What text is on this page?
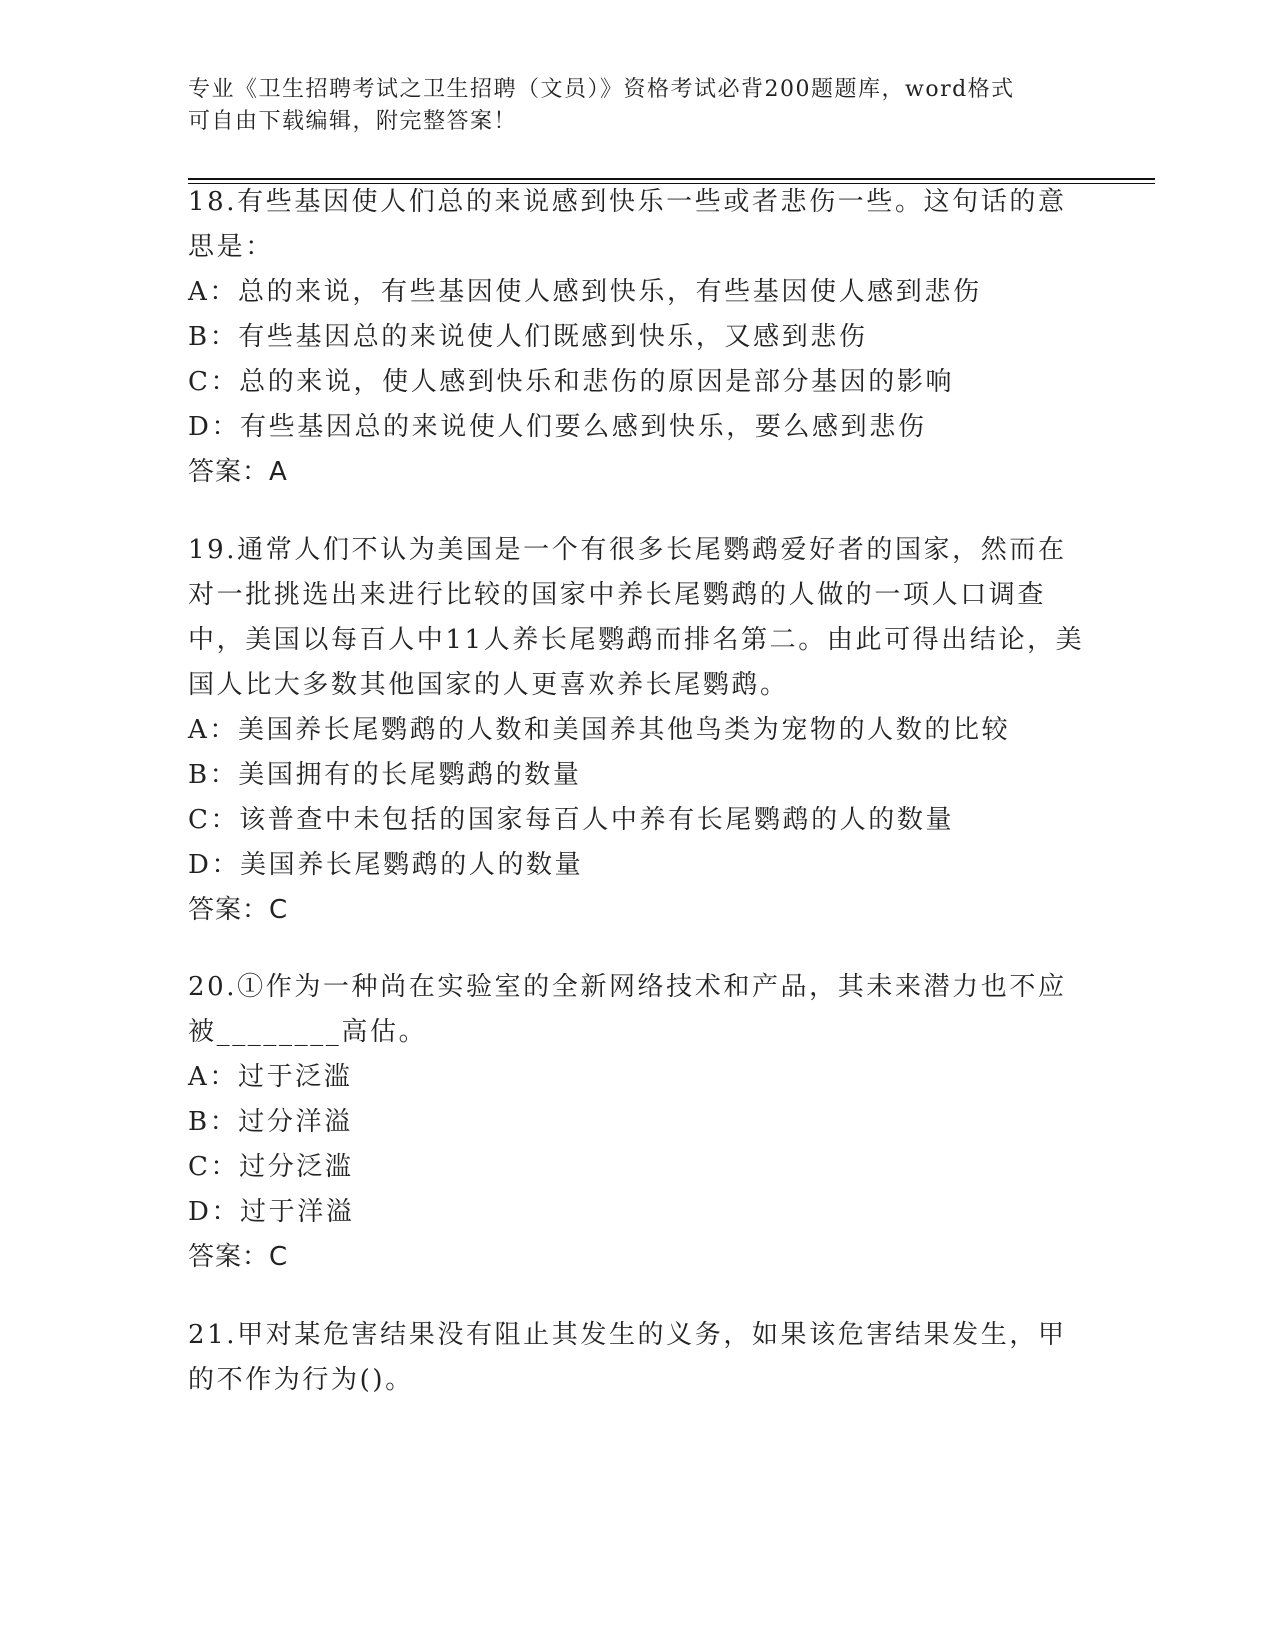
专业《卫生招聘考试之卫生招聘（文员）》资格考试必背200题题库，word格式
可自由下载编辑，附完整答案！
18.有些基因使人们总的来说感到快乐一些或者悲伤一些。这句话的意思是：
A：总的来说，有些基因使人感到快乐，有些基因使人感到悲伤
B：有些基因总的来说使人们既感到快乐，又感到悲伤
C：总的来说，使人感到快乐和悲伤的原因是部分基因的影响
D：有些基因总的来说使人们要么感到快乐，要么感到悲伤
答案：A
19.通常人们不认为美国是一个有很多长尾鹦鹉爱好者的国家，然而在对一批挑选出来进行比较的国家中养长尾鹦鹉的人做的一项人口调查中，美国以每百人中11人养长尾鹦鹉而排名第二。由此可得出结论，美国人比大多数其他国家的人更喜欢养长尾鹦鹉。
A：美国养长尾鹦鹉的人数和美国养其他鸟类为宠物的人数的比较
B：美国拥有的长尾鹦鹉的数量
C：该普查中未包括的国家每百人中养有长尾鹦鹉的人的数量
D：美国养长尾鹦鹉的人的数量
答案：C
20.①作为一种尚在实验室的全新网络技术和产品，其未来潜力也不应被________高估。
A：过于泛滥
B：过分洋溢
C：过分泛滥
D：过于洋溢
答案：C
21.甲对某危害结果没有阻止其发生的义务，如果该危害结果发生，甲的不作为行为()。
